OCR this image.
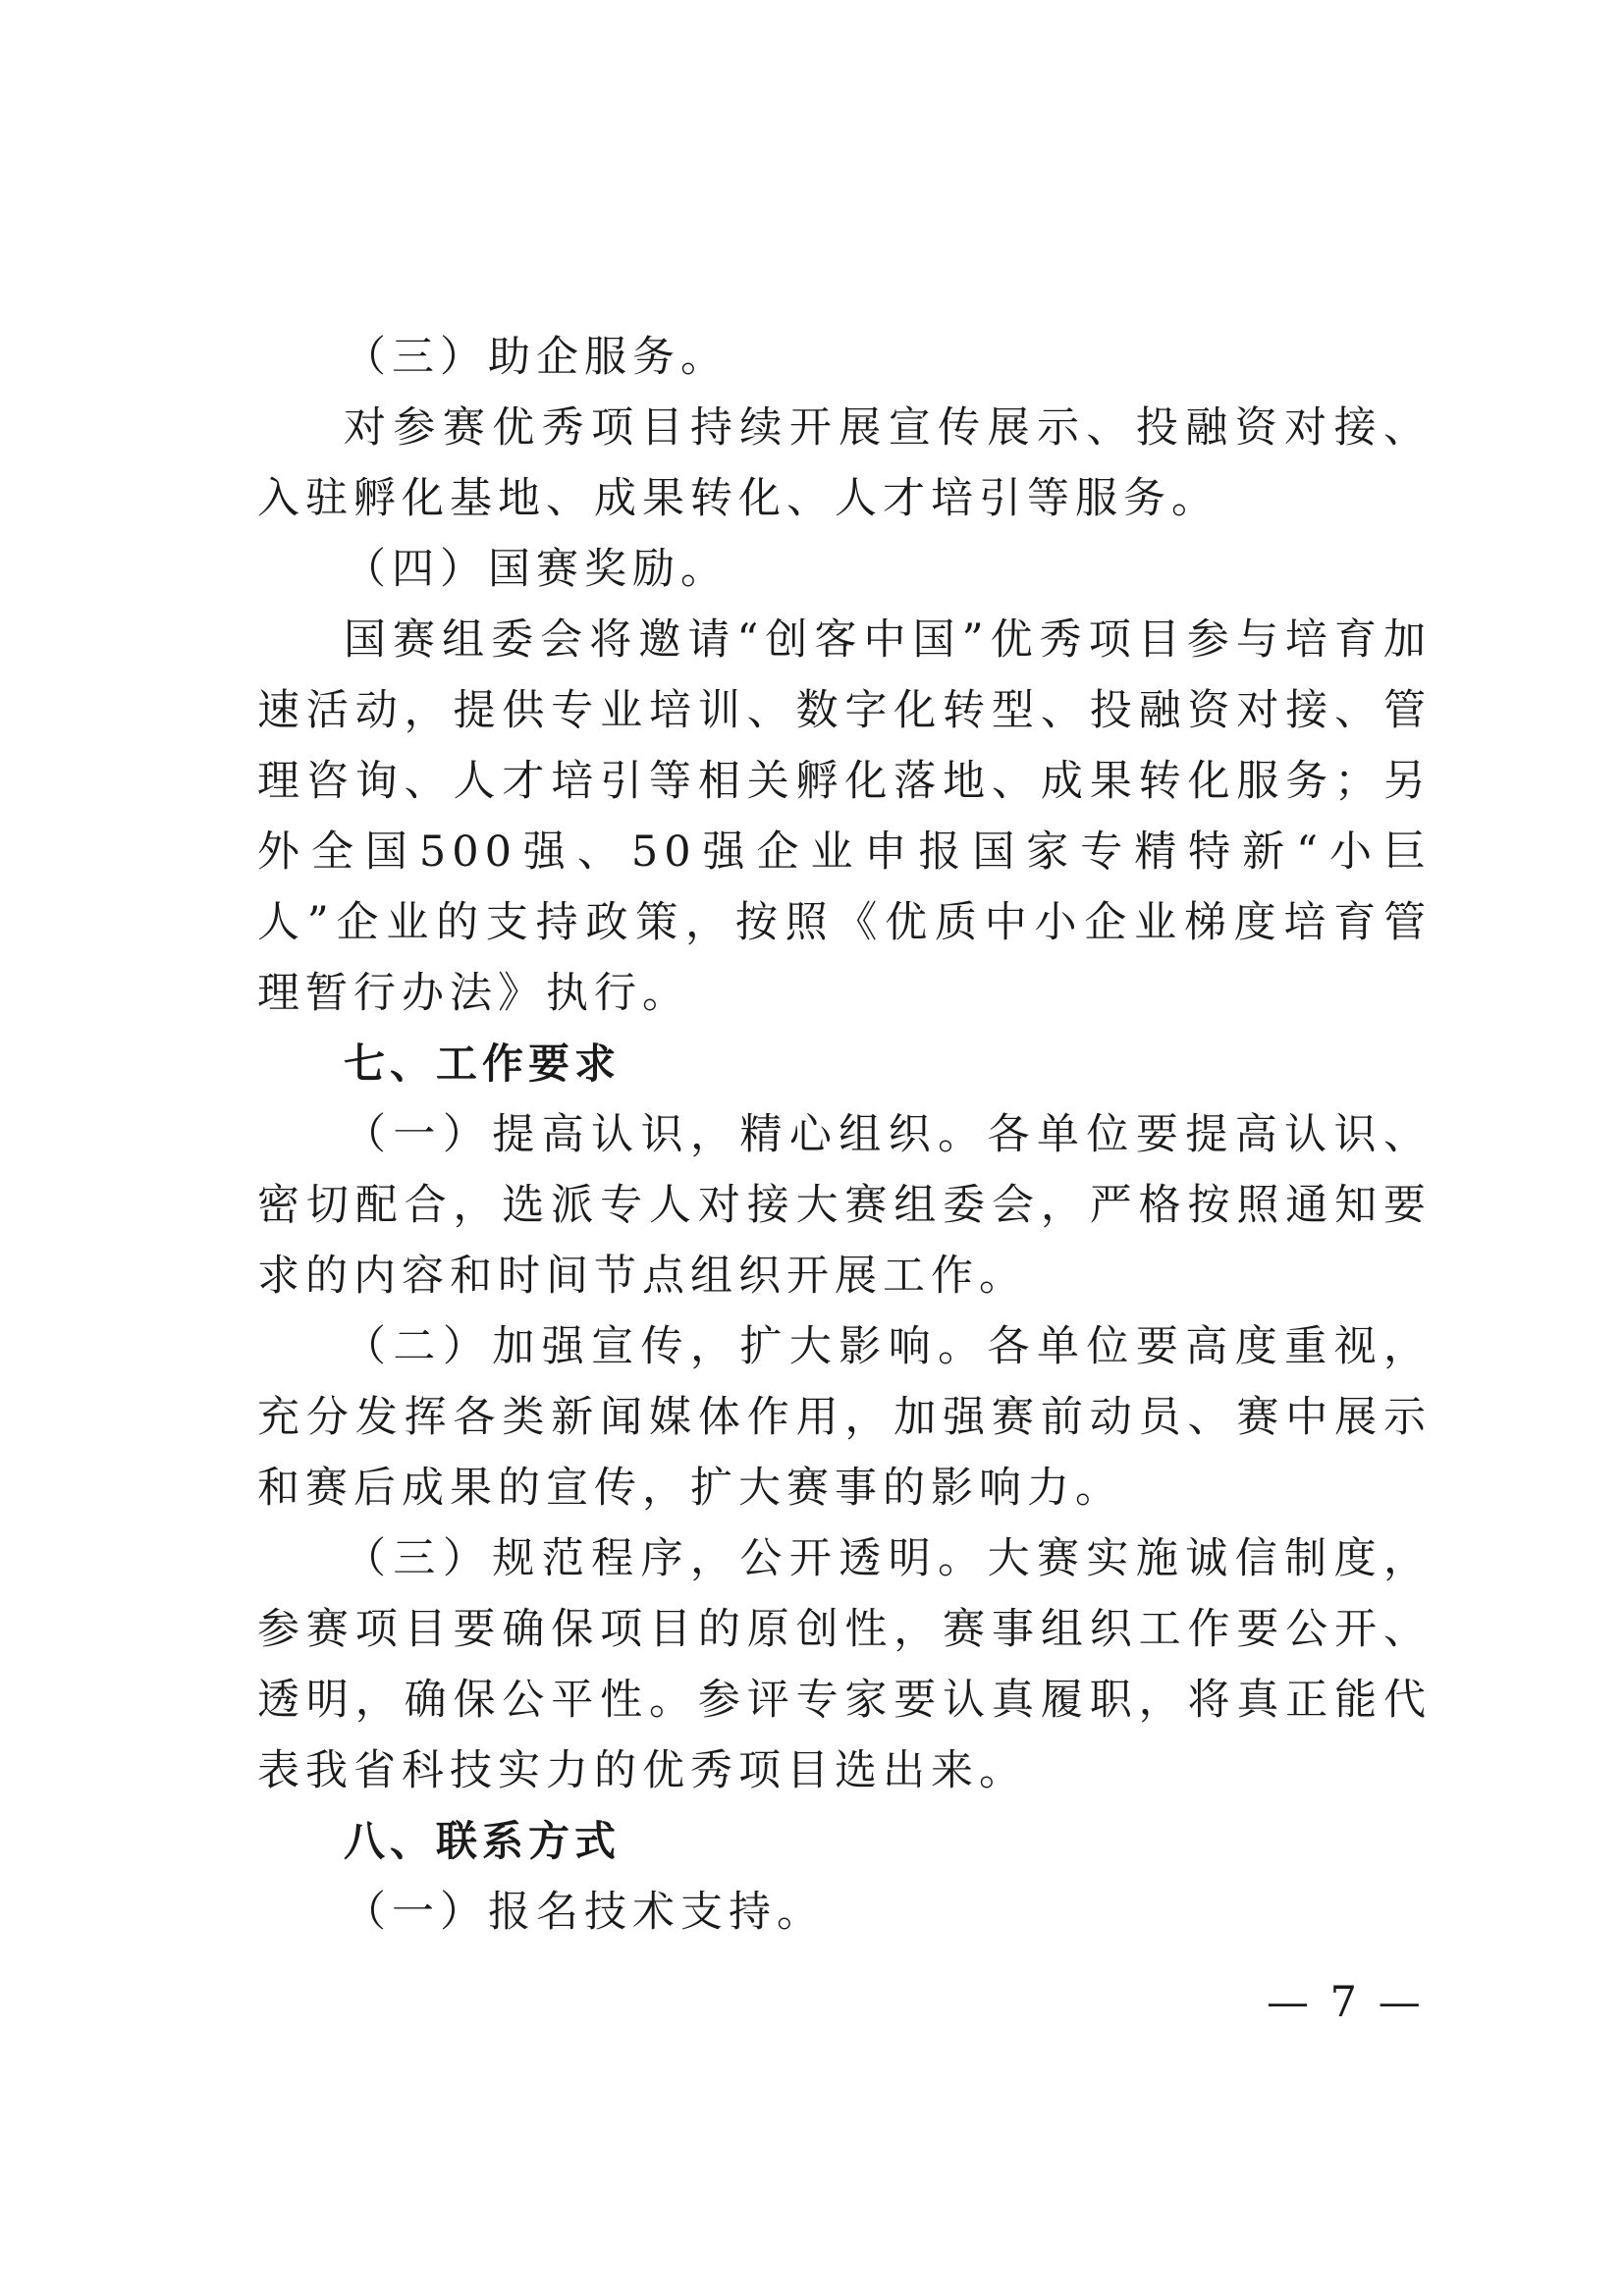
（三）助企服务。

对参赛优秀项目持续开展宣传展示、投融资对接、入驻孵化基地、成果转化、人才培引等服务。

（四）国赛奖励。

国赛组委会将邀请“创客中国”优秀项目参与培育加速活动，提供专业培训、数字化转型、投融资对接、管理咨询、人才培引等相关孵化落地、成果转化服务；另外全国500强、50强企业申报国家专精特新“小巨人”企业的支持政策，按照《优质中小企业梯度培育管理暂行办法》执行。

七、工作要求

（一）提高认识，精心组织。各单位要提高认识、密切配合，选派专人对接大赛组委会，严格按照通知要求的内容和时间节点组织开展工作。

（二）加强宣传，扩大影响。各单位要高度重视，充分发挥各类新闻媒体作用，加强赛前动员、赛中展示和赛后成果的宣传，扩大赛事的影响力。

（三）规范程序，公开透明。大赛实施诚信制度，参赛项目要确保项目的原创性，赛事组织工作要公开、透明，确保公平性。参评专家要认真履职，将真正能代表我省科技实力的优秀项目选出来。

八、联系方式

（一）报名技术支持。

— 7 —
